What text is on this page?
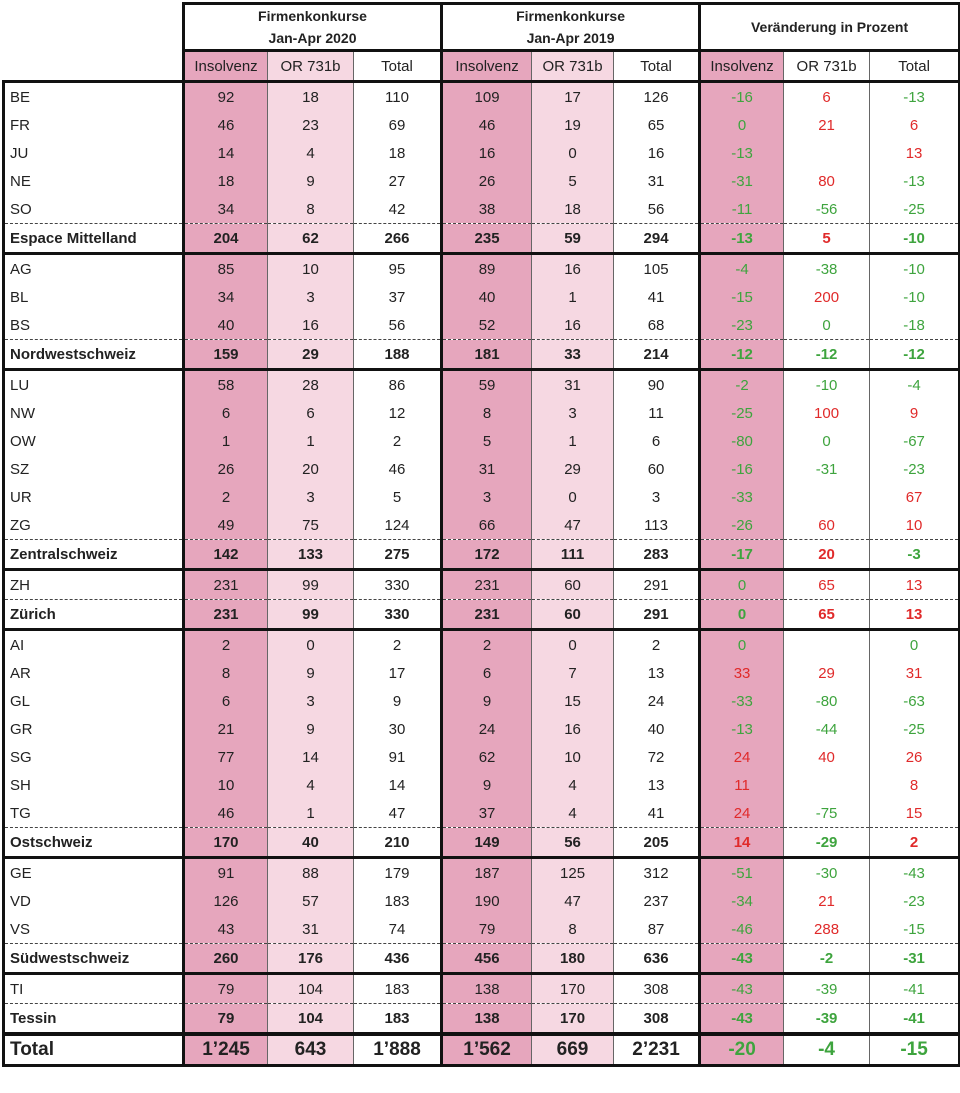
	Firmenkonkurse
Jan-Apr 2020			Firmenkonkurse
Jan-Apr 2019			Veränderung in Prozent		
	Insolvenz	OR 731b	Total	Insolvenz	OR 731b	Total	Insolvenz	OR 731b	Total
BE	92	18	110	109	17	126	-16	6	-13
FR	46	23	69	46	19	65	0	21	6
JU	14	4	18	16	0	16	-13		13
NE	18	9	27	26	5	31	-31	80	-13
SO	34	8	42	38	18	56	-11	-56	-25
Espace Mittelland	204	62	266	235	59	294	-13	5	-10
AG	85	10	95	89	16	105	-4	-38	-10
BL	34	3	37	40	1	41	-15	200	-10
BS	40	16	56	52	16	68	-23	0	-18
Nordwestschweiz	159	29	188	181	33	214	-12	-12	-12
LU	58	28	86	59	31	90	-2	-10	-4
NW	6	6	12	8	3	11	-25	100	9
OW	1	1	2	5	1	6	-80	0	-67
SZ	26	20	46	31	29	60	-16	-31	-23
UR	2	3	5	3	0	3	-33		67
ZG	49	75	124	66	47	113	-26	60	10
Zentralschweiz	142	133	275	172	111	283	-17	20	-3
ZH	231	99	330	231	60	291	0	65	13
Zürich	231	99	330	231	60	291	0	65	13
AI	2	0	2	2	0	2	0		0
AR	8	9	17	6	7	13	33	29	31
GL	6	3	9	9	15	24	-33	-80	-63
GR	21	9	30	24	16	40	-13	-44	-25
SG	77	14	91	62	10	72	24	40	26
SH	10	4	14	9	4	13	11		8
TG	46	1	47	37	4	41	24	-75	15
Ostschweiz	170	40	210	149	56	205	14	-29	2
GE	91	88	179	187	125	312	-51	-30	-43
VD	126	57	183	190	47	237	-34	21	-23
VS	43	31	74	79	8	87	-46	288	-15
Südwestschweiz	260	176	436	456	180	636	-43	-2	-31
TI	79	104	183	138	170	308	-43	-39	-41
Tessin	79	104	183	138	170	308	-43	-39	-41
Total	1’245	643	1’888	1’562	669	2’231	-20	-4	-15
